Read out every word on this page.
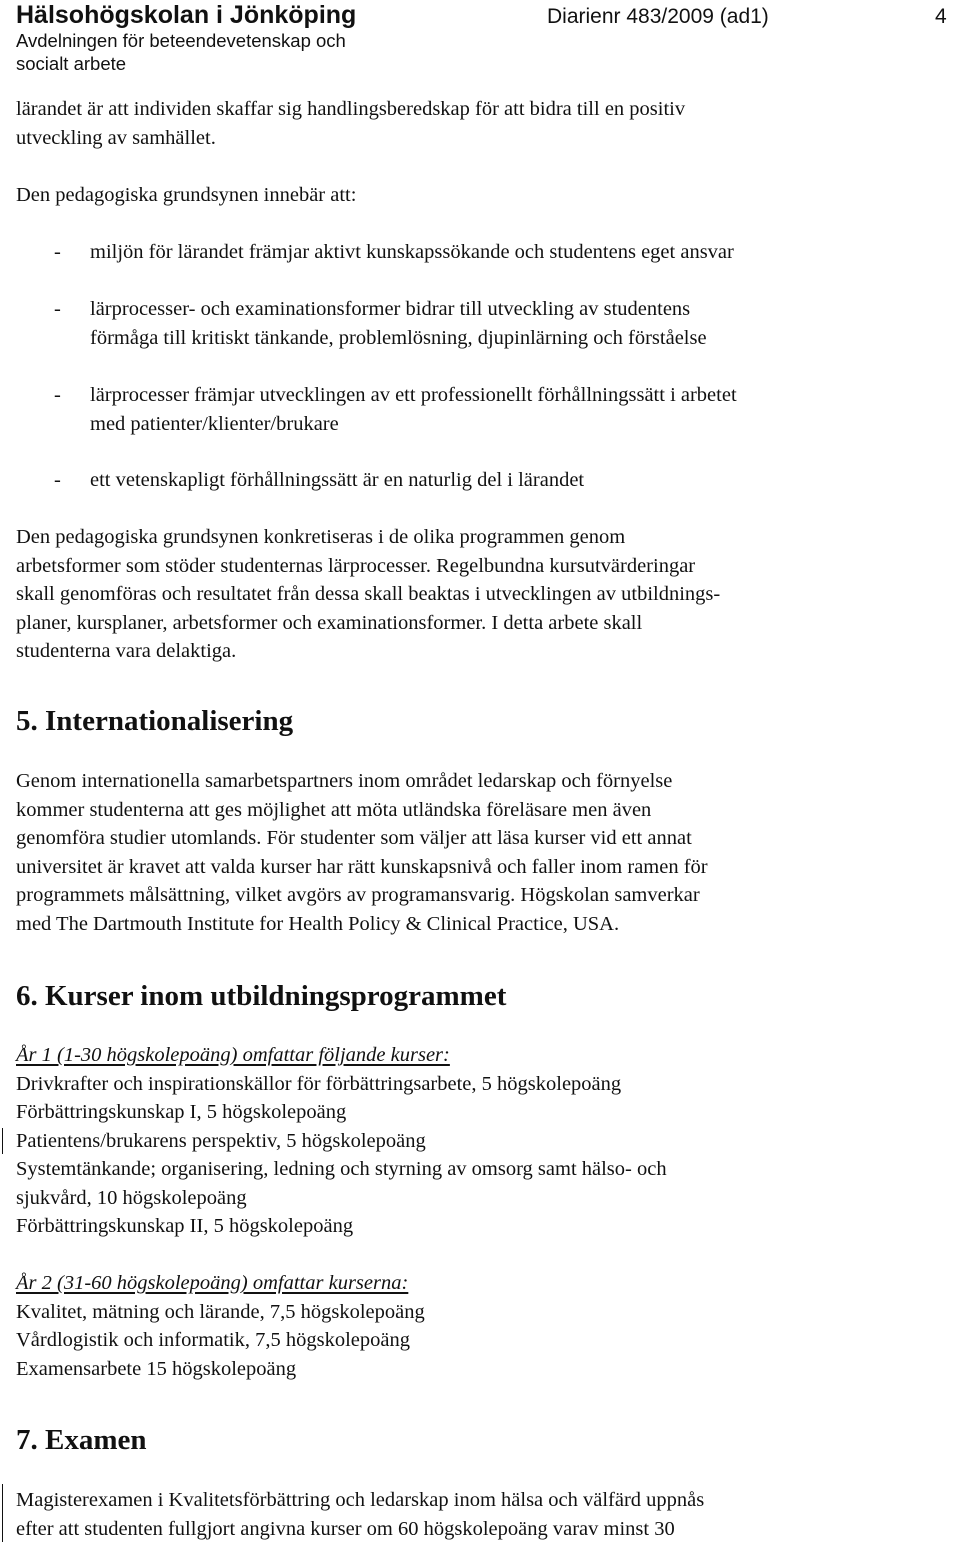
Hälsohögskolan i Jönköping
Avdelningen för beteendevetenskap och
socialt arbete
Diarienr 483/2009 (ad1)	4
lärandet är att individen skaffar sig handlingsberedskap för att bidra till en positiv
utveckling av samhället.
Den pedagogiska grundsynen innebär att:
- miljön för lärandet främjar aktivt kunskapssökande och studentens eget ansvar
- lärprocesser- och examinationsformer bidrar till utveckling av studentens
förmåga till kritiskt tänkande, problemlösning, djupinlärning och förståelse
- lärprocesser främjar utvecklingen av ett professionellt förhållningssätt i arbetet
med patienter/klienter/brukare
- ett vetenskapligt förhållningssätt är en naturlig del i lärandet
Den pedagogiska grundsynen konkretiseras i de olika programmen genom
arbetsformer som stöder studenternas lärprocesser. Regelbundna kursutvärderingar
skall genomföras och resultatet från dessa skall beaktas i utvecklingen av utbildnings-
planer, kursplaner, arbetsformer och examinationsformer. I detta arbete skall
studenterna vara delaktiga.
5. Internationalisering
Genom internationella samarbetspartners inom området ledarskap och förnyelse
kommer studenterna att ges möjlighet att möta utländska föreläsare men även
genomföra studier utomlands. För studenter som väljer att läsa kurser vid ett annat
universitet är kravet att valda kurser har rätt kunskapsnivå och faller inom ramen för
programmets målsättning, vilket avgörs av programansvarig. Högskolan samverkar
med The Dartmouth Institute for Health Policy & Clinical Practice, USA.
6. Kurser inom utbildningsprogrammet
År 1 (1-30 högskolepoäng) omfattar följande kurser:
Drivkrafter och inspirationskällor för förbättringsarbete, 5 högskolepoäng
Förbättringskunskap I, 5 högskolepoäng
Patientens/brukarens perspektiv, 5 högskolepoäng
Systemtänkande; organisering, ledning och styrning av omsorg samt hälso- och
sjukvård, 10 högskolepoäng
Förbättringskunskap II, 5 högskolepoäng
År 2 (31-60 högskolepoäng) omfattar kurserna:
Kvalitet, mätning och lärande, 7,5 högskolepoäng
Vårdlogistik och informatik, 7,5 högskolepoäng
Examensarbete 15 högskolepoäng
7. Examen
Magisterexamen i Kvalitetsförbättring och ledarskap inom hälsa och välfärd uppnås
efter att studenten fullgjort angivna kurser om 60 högskolepoäng varav minst 30
